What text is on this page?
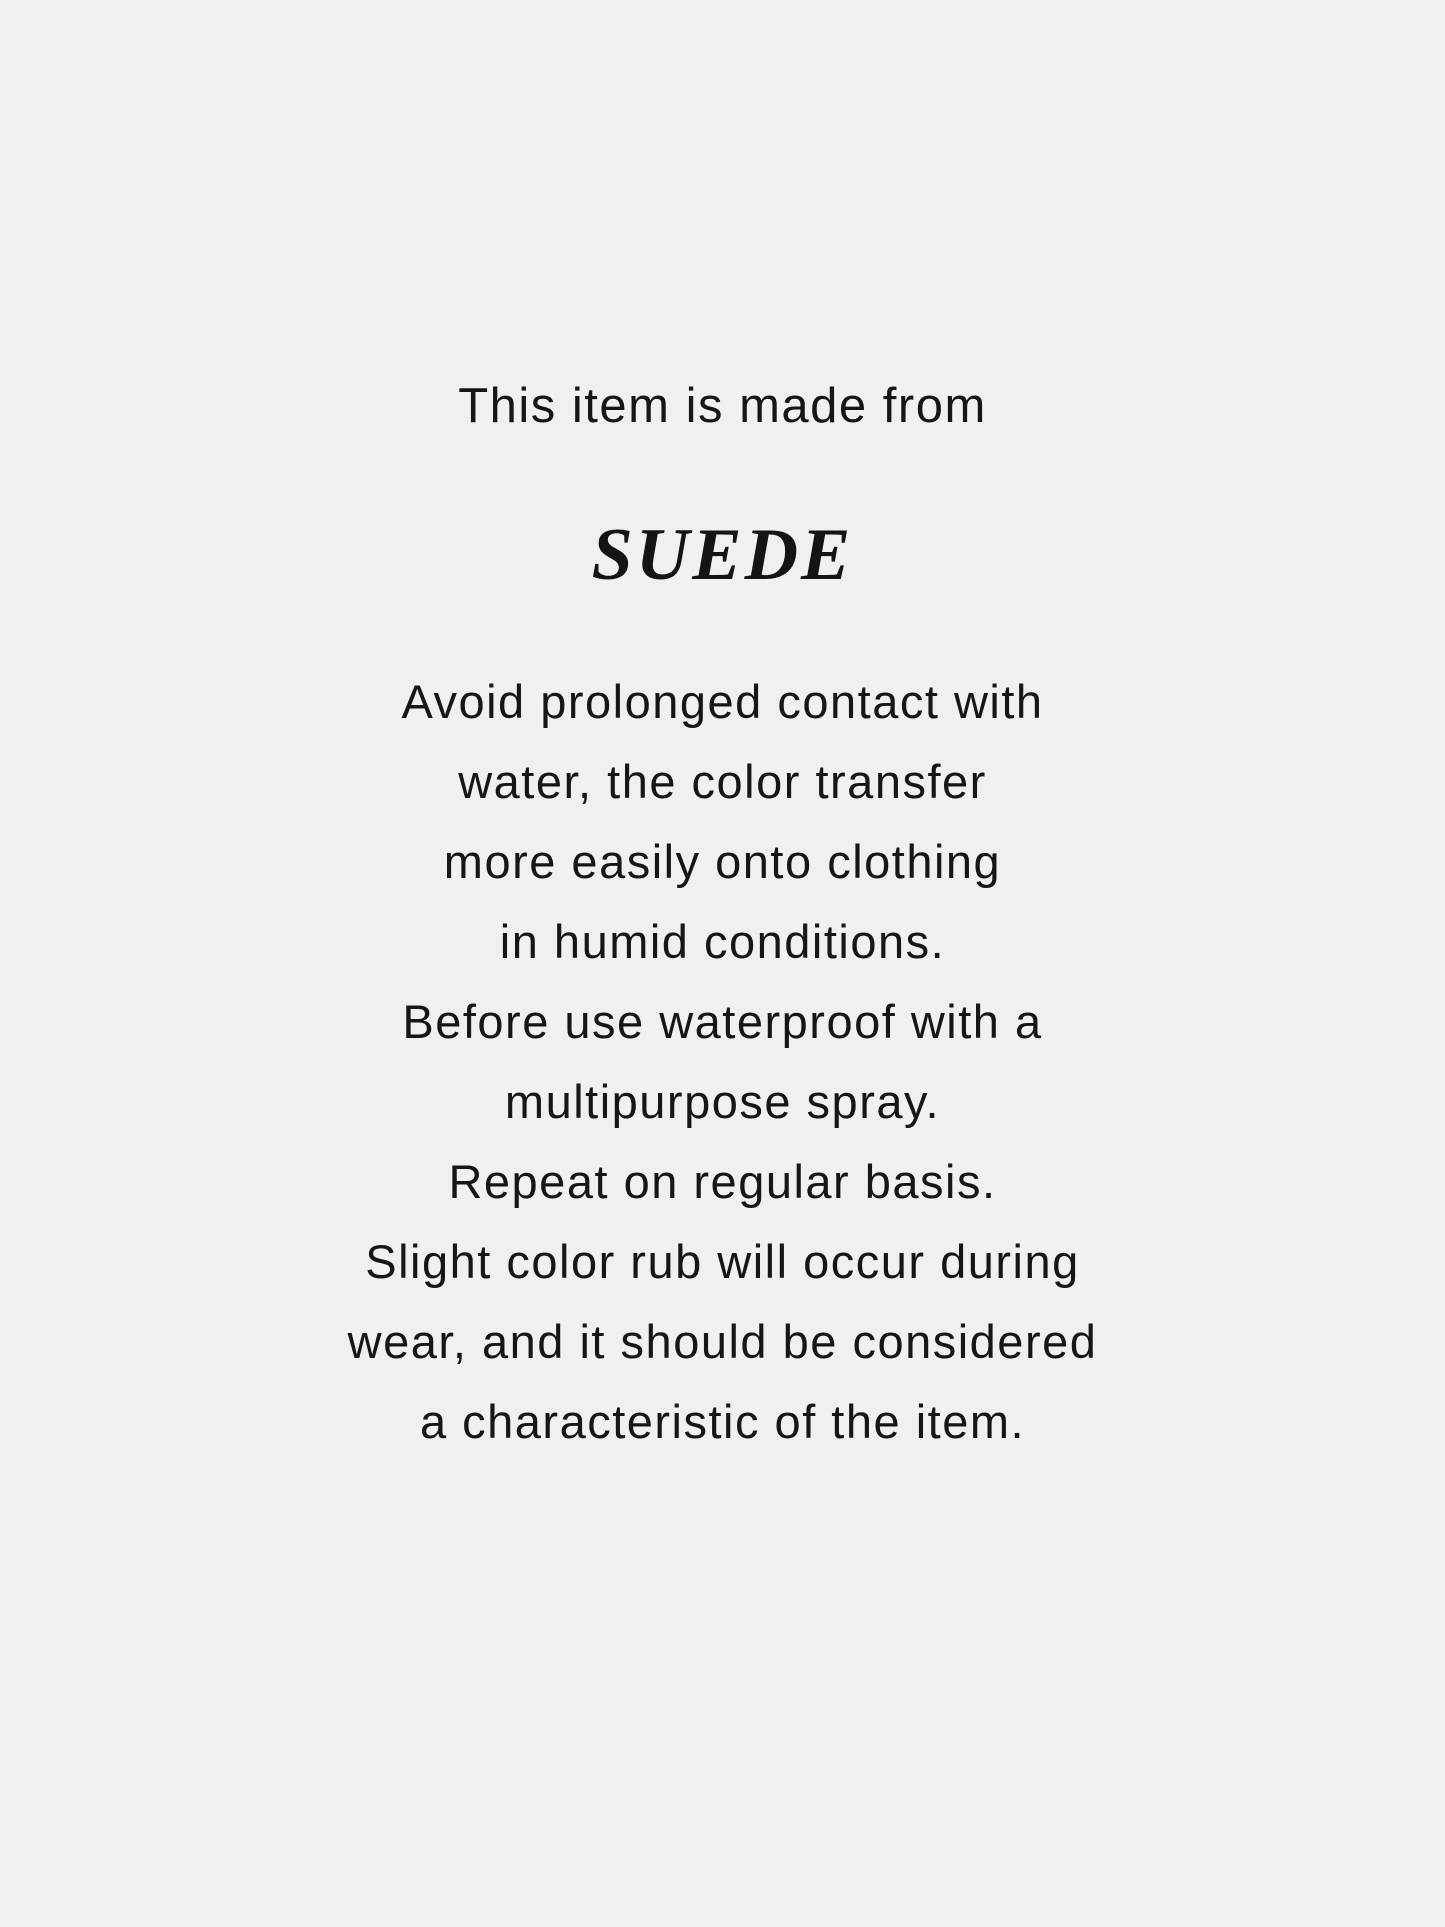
This item is made from
SUEDE
Avoid prolonged contact with
water, the color transfer
more easily onto clothing
in humid conditions.
Before use waterproof with a
multipurpose spray.
Repeat on regular basis.
Slight color rub will occur during
wear, and it should be considered
a characteristic of the item.
